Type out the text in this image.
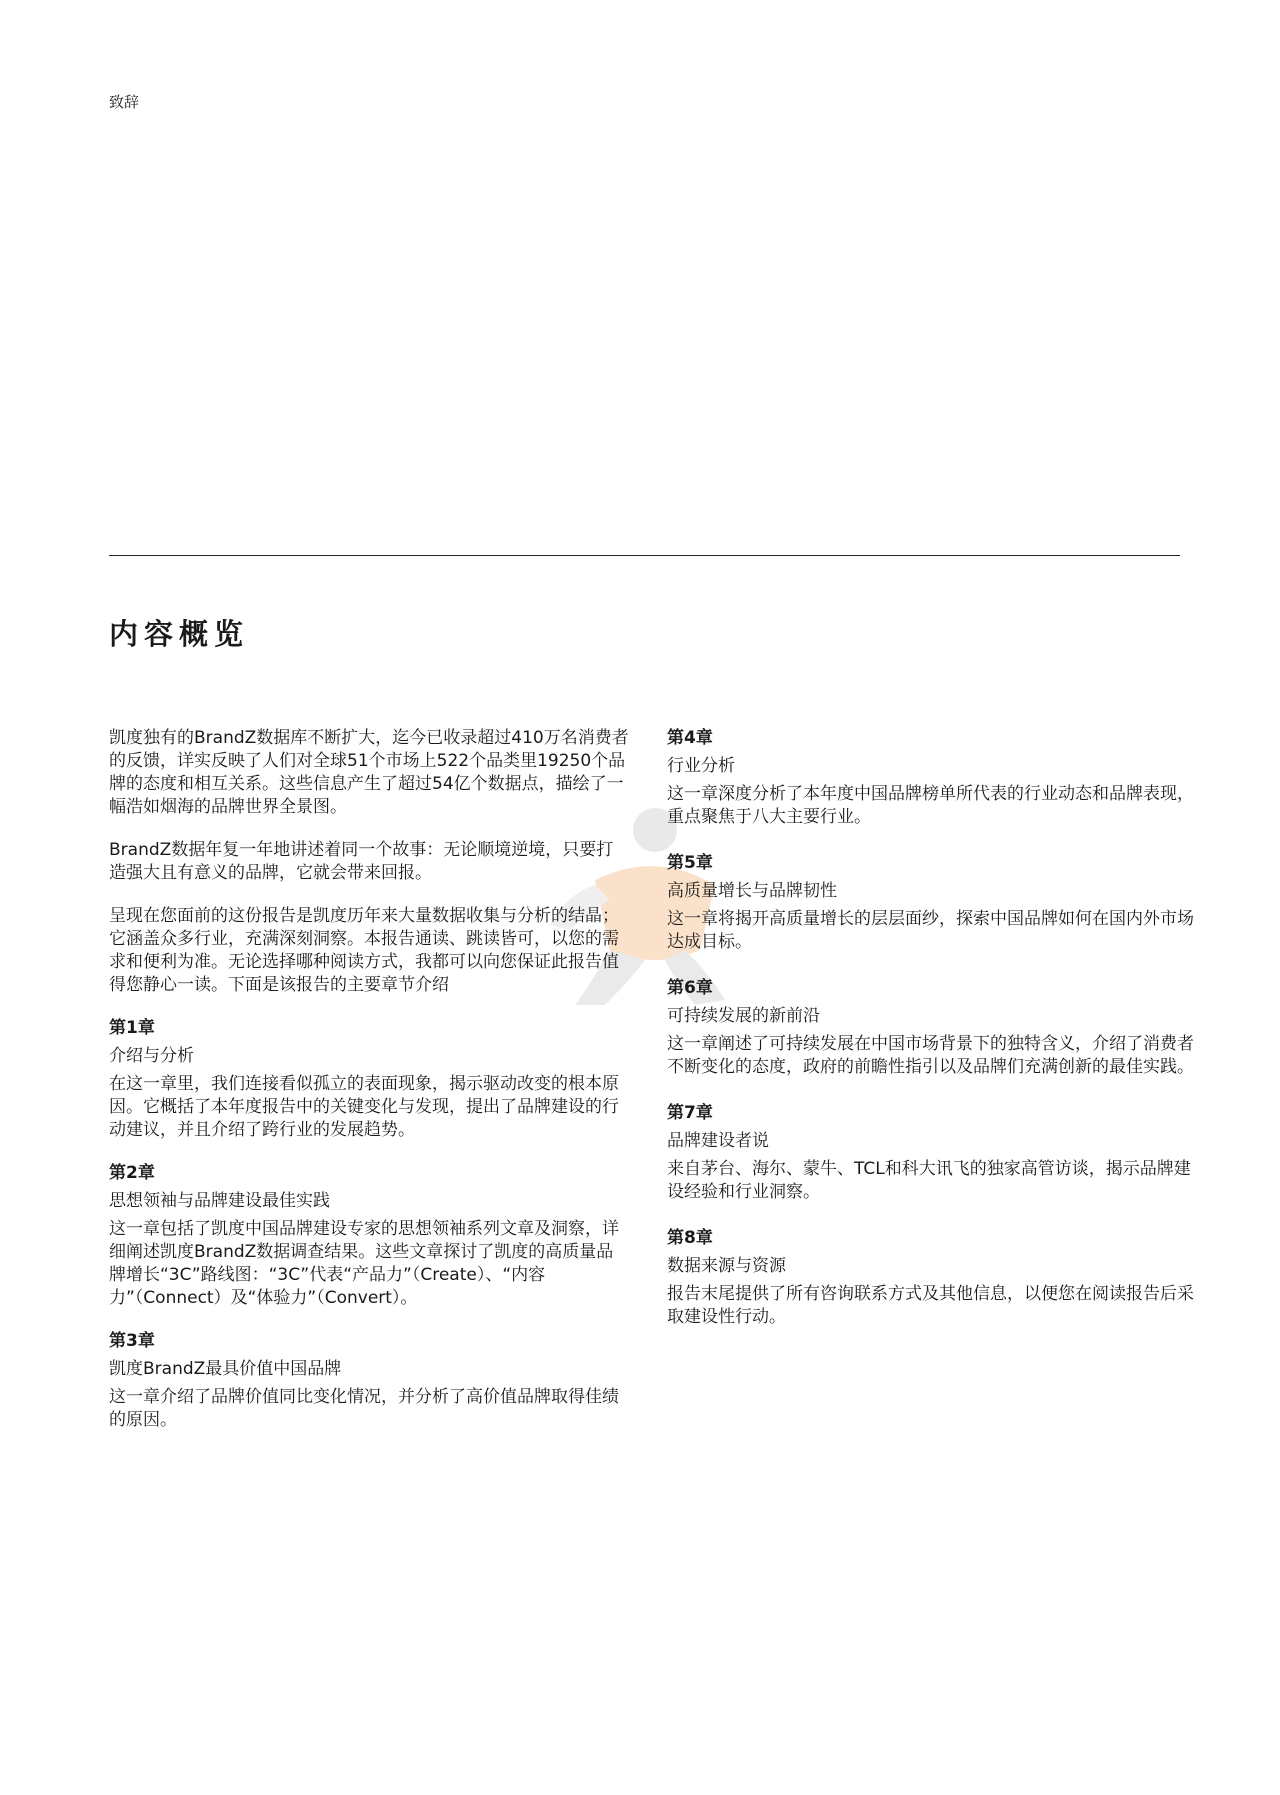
致辞
内容概览

凯度独有的BrandZ数据库不断扩大，迄今已收录超过410万名消费者的反馈，详实反映了人们对全球51个市场上522个品类里19250个品牌的态度和相互关系。这些信息产生了超过54亿个数据点，描绘了一幅浩如烟海的品牌世界全景图。

BrandZ数据年复一年地讲述着同一个故事：无论顺境逆境，只要打造强大且有意义的品牌，它就会带来回报。

呈现在您面前的这份报告是凯度历年来大量数据收集与分析的结晶；它涵盖众多行业，充满深刻洞察。本报告通读、跳读皆可，以您的需求和便利为准。无论选择哪种阅读方式，我都可以向您保证此报告值得您静心一读。下面是该报告的主要章节介绍

第1章
介绍与分析
在这一章里，我们连接看似孤立的表面现象，揭示驱动改变的根本原因。它概括了本年度报告中的关键变化与发现，提出了品牌建设的行动建议，并且介绍了跨行业的发展趋势。
第2章
思想领袖与品牌建设最佳实践
这一章包括了凯度中国品牌建设专家的思想领袖系列文章及洞察，详细阐述凯度BrandZ数据调查结果。这些文章探讨了凯度的高质量品牌增长“3C”路线图：“3C”代表“产品力”（Create）、“内容力”（Connect）及“体验力”（Convert）。
第3章
凯度BrandZ最具价值中国品牌
这一章介绍了品牌价值同比变化情况，并分析了高价值品牌取得佳绩的原因。
第4章
行业分析
这一章深度分析了本年度中国品牌榜单所代表的行业动态和品牌表现，重点聚焦于八大主要行业。
第5章
高质量增长与品牌韧性
这一章将揭开高质量增长的层层面纱，探索中国品牌如何在国内外市场达成目标。
第6章
可持续发展的新前沿
这一章阐述了可持续发展在中国市场背景下的独特含义，介绍了消费者不断变化的态度，政府的前瞻性指引以及品牌们充满创新的最佳实践。
第7章
品牌建设者说
来自茅台、海尔、蒙牛、TCL和科大讯飞的独家高管访谈，揭示品牌建设经验和行业洞察。
第8章
数据来源与资源
报告末尾提供了所有咨询联系方式及其他信息，以便您在阅读报告后采取建设性行动。
